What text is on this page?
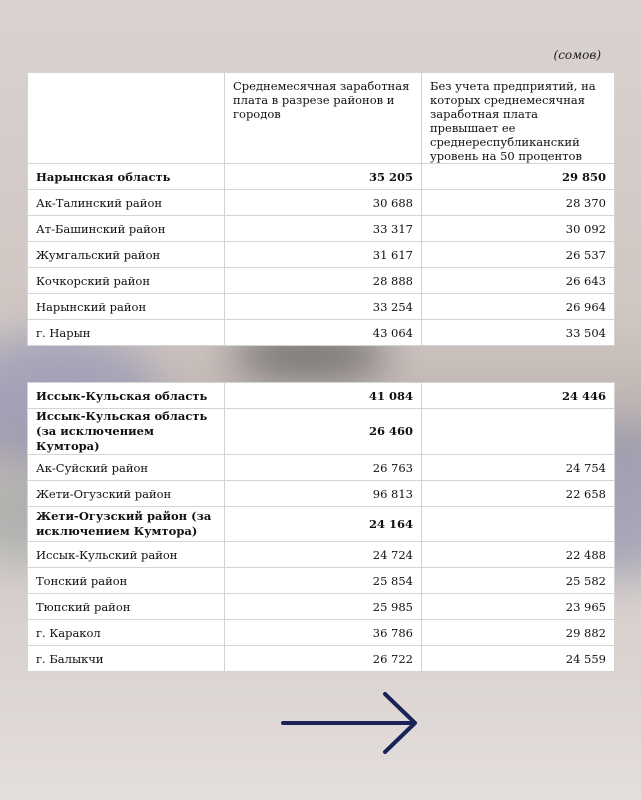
(сомов)
	Среднемесячная заработная плата в разрезе районов и городов	Без учета предприятий, на которых среднемесячная заработная плата превышает ее среднереспубликанский уровень на 50 процентов
Нарынская область	35 205	29 850
Ак-Талинский район	30 688	28 370
Ат-Башинский район	33 317	30 092
Жумгальский район	31 617	26 537
Кочкорский район	28 888	26 643
Нарынский район	33 254	26 964
г. Нарын	43 064	33 504
Иссык-Кульская область	41 084	24 446
Иссык-Кульская область (за исключением Кумтора)	26 460	
Ак-Суйский район	26 763	24 754
Жети-Огузский район	96 813	22 658
Жети-Огузский район (за исключением Кумтора)	24 164	
Иссык-Кульский район	24 724	22 488
Тонский район	25 854	25 582
Тюпский район	25 985	23 965
г. Каракол	36 786	29 882
г. Балыкчи	26 722	24 559
